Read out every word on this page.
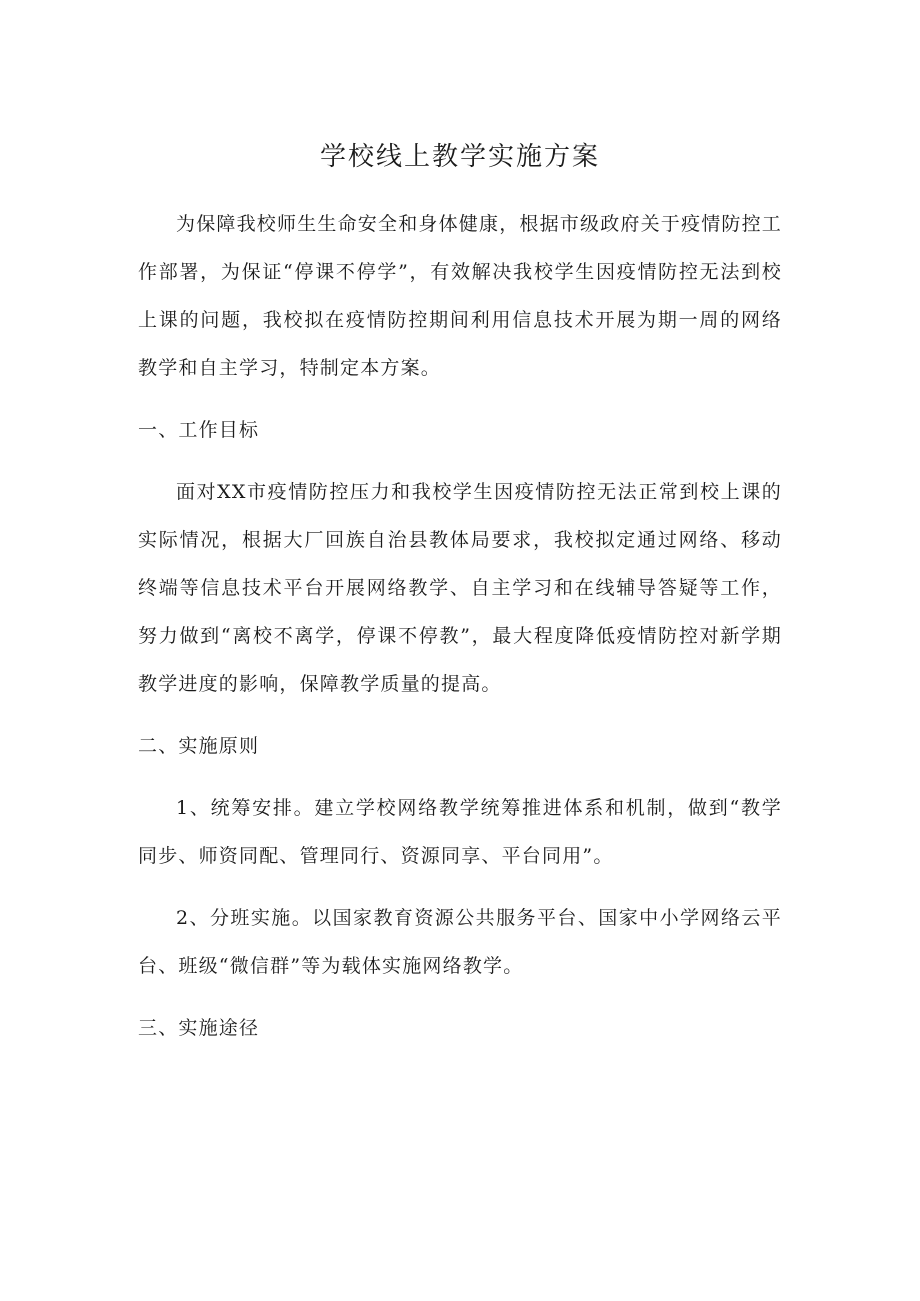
学校线上教学实施方案

为保障我校师生生命安全和身体健康，根据市级政府关于疫情防控工作部署，为保证“停课不停学”，有效解决我校学生因疫情防控无法到校上课的问题，我校拟在疫情防控期间利用信息技术开展为期一周的网络教学和自主学习，特制定本方案。

一、工作目标

面对XX市疫情防控压力和我校学生因疫情防控无法正常到校上课的实际情况，根据大厂回族自治县教体局要求，我校拟定通过网络、移动终端等信息技术平台开展网络教学、自主学习和在线辅导答疑等工作，努力做到“离校不离学，停课不停教”，最大程度降低疫情防控对新学期教学进度的影响，保障教学质量的提高。

二、实施原则

1、统筹安排。建立学校网络教学统筹推进体系和机制，做到“教学同步、师资同配、管理同行、资源同享、平台同用”。

2、分班实施。以国家教育资源公共服务平台、国家中小学网络云平台、班级“微信群”等为载体实施网络教学。

三、实施途径
